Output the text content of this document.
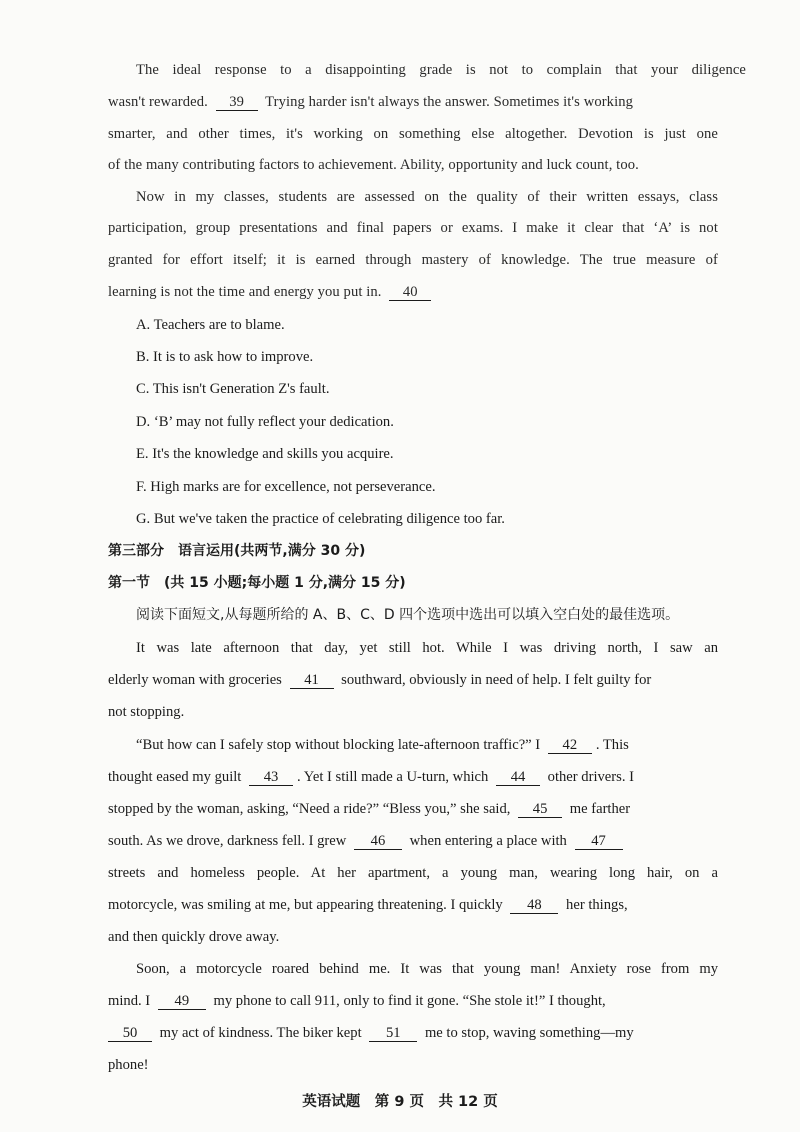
The ideal response to a disappointing grade is not to complain that your diligence
wasn't rewarded. 39 Trying harder isn't always the answer. Sometimes it's working
smarter, and other times, it's working on something else altogether. Devotion is just one
of the many contributing factors to achievement. Ability, opportunity and luck count, too.
Now in my classes, students are assessed on the quality of their written essays, class
participation, group presentations and final papers or exams. I make it clear that ‘A’ is not
granted for effort itself; it is earned through mastery of knowledge. The true measure of
learning is not the time and energy you put in. 40
A. Teachers are to blame.
B. It is to ask how to improve.
C. This isn't Generation Z's fault.
D. ‘B’ may not fully reflect your dedication.
E. It's the knowledge and skills you acquire.
F. High marks are for excellence, not perseverance.
G. But we've taken the practice of celebrating diligence too far.
第三部分　语言运用(共两节,满分 30 分)
第一节　(共 15 小题;每小题 1 分,满分 15 分)
阅读下面短文,从每题所给的 A、B、C、D 四个选项中选出可以填入空白处的最佳选项。
It was late afternoon that day, yet still hot. While I was driving north, I saw an
elderly woman with groceries 41 southward, obviously in need of help. I felt guilty for
not stopping.
“But how can I safely stop without blocking late-afternoon traffic?” I 42 . This
thought eased my guilt 43 . Yet I still made a U-turn, which 44 other drivers. I
stopped by the woman, asking, “Need a ride?” “Bless you,” she said, 45 me farther
south. As we drove, darkness fell. I grew 46 when entering a place with 47
streets and homeless people. At her apartment, a young man, wearing long hair, on a
motorcycle, was smiling at me, but appearing threatening. I quickly 48 her things,
and then quickly drove away.
Soon, a motorcycle roared behind me. It was that young man! Anxiety rose from my
mind. I 49 my phone to call 911, only to find it gone. “She stole it!” I thought,
50 my act of kindness. The biker kept 51 me to stop, waving something—my
phone!
英语试题　第 9 页　共 12 页
